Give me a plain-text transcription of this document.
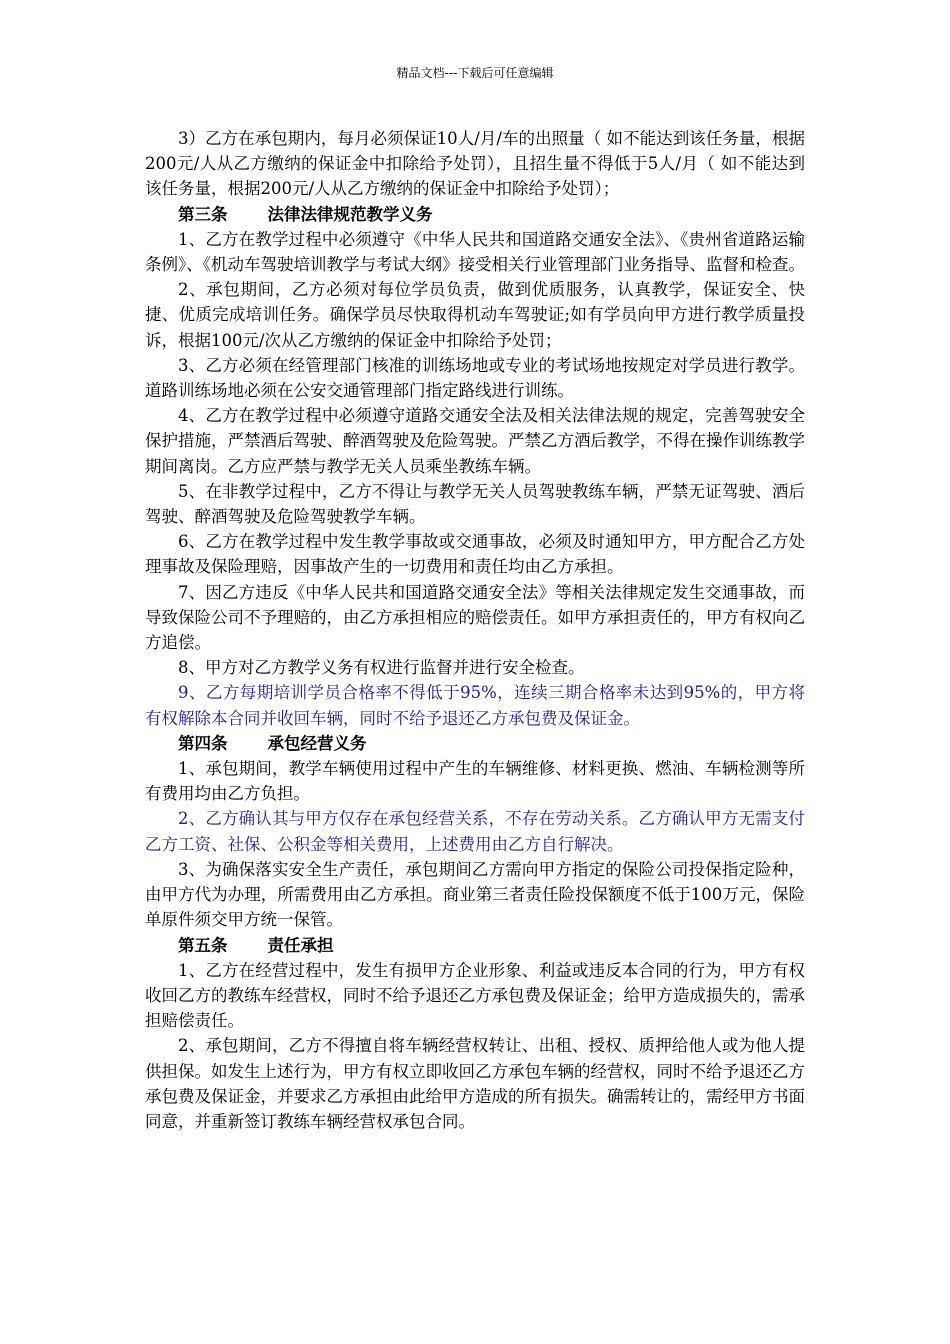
精品文档---下载后可任意编辑

3）乙方在承包期内，每月必须保证10人/月/车的出照量（ 如不能达到该任务量，根据200元/人从乙方缴纳的保证金中扣除给予处罚），且招生量不得低于5人/月（ 如不能达到该任务量，根据200元/人从乙方缴纳的保证金中扣除给予处罚）；

第三条 法律法律规范教学义务

1、乙方在教学过程中必须遵守《中华人民共和国道路交通安全法》、《贵州省道路运输条例》、《机动车驾驶培训教学与考试大纲》接受相关行业管理部门业务指导、监督和检查。

2、承包期间，乙方必须对每位学员负责，做到优质服务，认真教学，保证安全、快捷、优质完成培训任务。确保学员尽快取得机动车驾驶证;如有学员向甲方进行教学质量投诉，根据100元/次从乙方缴纳的保证金中扣除给予处罚；

3、乙方必须在经管理部门核准的训练场地或专业的考试场地按规定对学员进行教学。道路训练场地必须在公安交通管理部门指定路线进行训练。

4、乙方在教学过程中必须遵守道路交通安全法及相关法律法规的规定，完善驾驶安全保护措施，严禁酒后驾驶、醉酒驾驶及危险驾驶。严禁乙方酒后教学，不得在操作训练教学期间离岗。乙方应严禁与教学无关人员乘坐教练车辆。

5、在非教学过程中，乙方不得让与教学无关人员驾驶教练车辆，严禁无证驾驶、酒后驾驶、醉酒驾驶及危险驾驶教学车辆。

6、乙方在教学过程中发生教学事故或交通事故，必须及时通知甲方，甲方配合乙方处理事故及保险理赔，因事故产生的一切费用和责任均由乙方承担。

7、因乙方违反《中华人民共和国道路交通安全法》等相关法律规定发生交通事故，而导致保险公司不予理赔的，由乙方承担相应的赔偿责任。如甲方承担责任的，甲方有权向乙方追偿。

8、甲方对乙方教学义务有权进行监督并进行安全检查。

9、乙方每期培训学员合格率不得低于95%，连续三期合格率未达到95%的，甲方将有权解除本合同并收回车辆，同时不给予退还乙方承包费及保证金。

第四条 承包经营义务

1、承包期间，教学车辆使用过程中产生的车辆维修、材料更换、燃油、车辆检测等所有费用均由乙方负担。

2、乙方确认其与甲方仅存在承包经营关系，不存在劳动关系。乙方确认甲方无需支付乙方工资、社保、公积金等相关费用，上述费用由乙方自行解决。

3、为确保落实安全生产责任，承包期间乙方需向甲方指定的保险公司投保指定险种，由甲方代为办理，所需费用由乙方承担。商业第三者责任险投保额度不低于100万元，保险单原件须交甲方统一保管。

第五条 责任承担

1、乙方在经营过程中，发生有损甲方企业形象、利益或违反本合同的行为，甲方有权收回乙方的教练车经营权，同时不给予退还乙方承包费及保证金；给甲方造成损失的，需承担赔偿责任。

2、承包期间，乙方不得擅自将车辆经营权转让、出租、授权、质押给他人或为他人提供担保。如发生上述行为，甲方有权立即收回乙方承包车辆的经营权，同时不给予退还乙方承包费及保证金，并要求乙方承担由此给甲方造成的所有损失。确需转让的，需经甲方书面同意，并重新签订教练车辆经营权承包合同。
